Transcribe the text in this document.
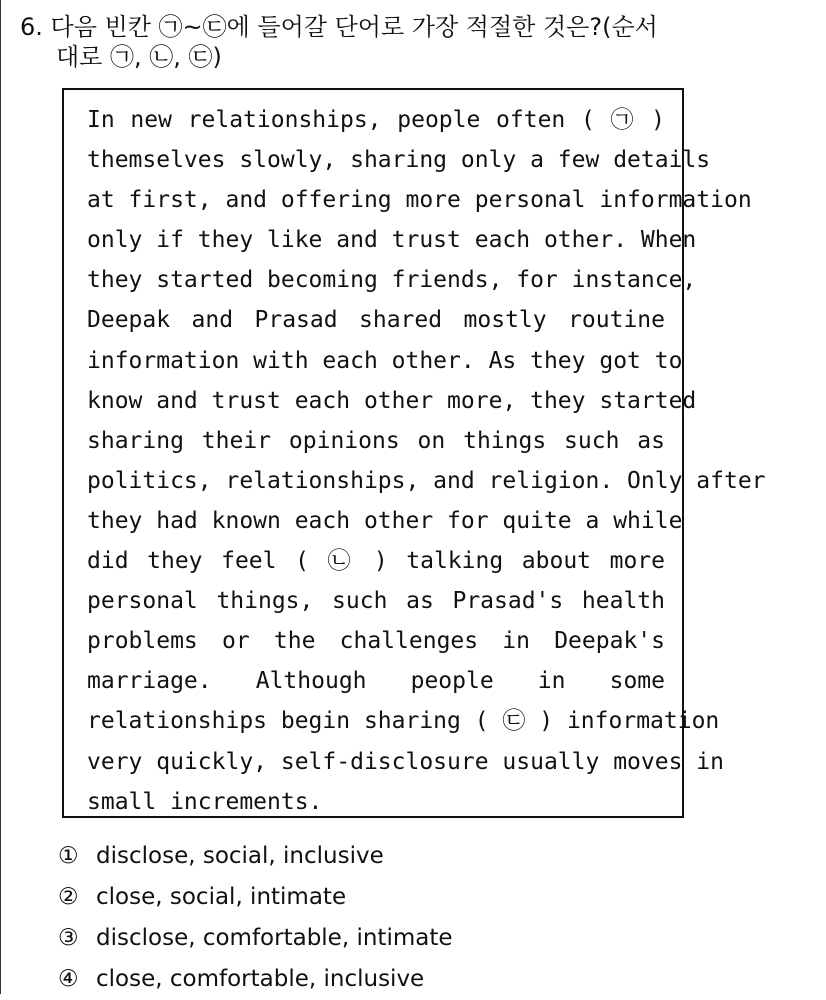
6. 다음 빈칸 ㉠~㉢에 들어갈 단어로 가장 적절한 것은?(순서
대로 ㉠, ㉡, ㉢)
In new relationships, people often ( ㉠ )
themselves slowly, sharing only a few details
at first, and offering more personal information
only if they like and trust each other. When
they started becoming friends, for instance,
Deepak and Prasad shared mostly routine
information with each other. As they got to
know and trust each other more, they started
sharing their opinions on things such as
politics, relationships, and religion. Only after
they had known each other for quite a while
did they feel ( ㉡ ) talking about more
personal things, such as Prasad's health
problems or the challenges in Deepak's
marriage. Although people in some
relationships begin sharing ( ㉢ ) information
very quickly, self-disclosure usually moves in
small increments.
① disclose, social, inclusive
② close, social, intimate
③ disclose, comfortable, intimate
④ close, comfortable, inclusive
